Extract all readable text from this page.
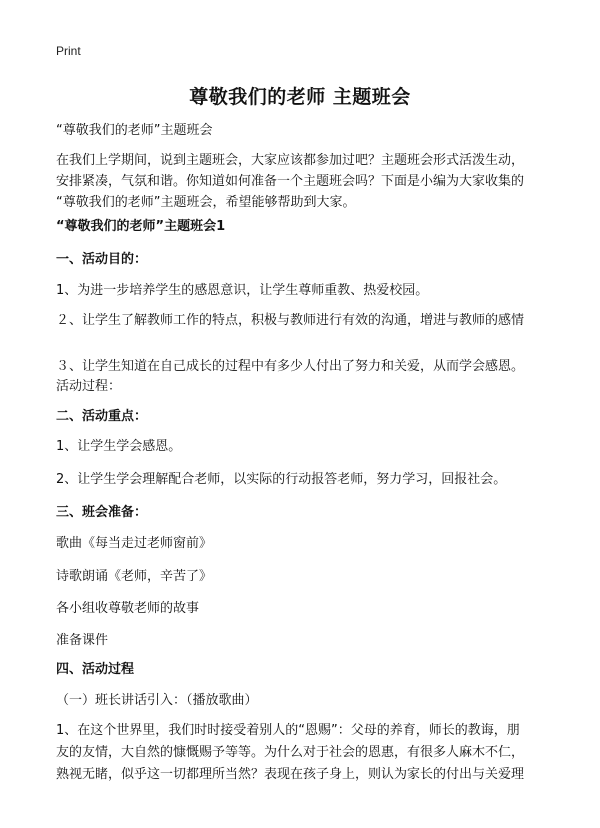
Print
尊敬我们的老师 主题班会
“尊敬我们的老师”主题班会
在我们上学期间，说到主题班会，大家应该都参加过吧？主题班会形式活泼生动，
安排紧凑，气氛和谐。你知道如何准备一个主题班会吗？下面是小编为大家收集的
“尊敬我们的老师”主题班会，希望能够帮助到大家。
“尊敬我们的老师”主题班会1
一、活动目的：
1、为进一步培养学生的感恩意识，让学生尊师重教、热爱校园。
２、让学生了解教师工作的特点，积极与教师进行有效的沟通，增进与教师的感情
３、让学生知道在自己成长的过程中有多少人付出了努力和关爱，从而学会感恩。
活动过程：
二、活动重点：
1、让学生学会感恩。
2、让学生学会理解配合老师，以实际的行动报答老师，努力学习，回报社会。
三、班会准备：
歌曲《每当走过老师窗前》
诗歌朗诵《老师，辛苦了》
各小组收尊敬老师的故事
准备课件
四、活动过程
（一）班长讲话引入：（播放歌曲）
1、在这个世界里，我们时时接受着别人的“恩赐”：父母的养育，师长的教诲，朋
友的友情，大自然的慷慨赐予等等。为什么对于社会的恩惠，有很多人麻木不仁，
熟视无睹，似乎这一切都理所当然？表现在孩子身上，则认为家长的付出与关爱理
